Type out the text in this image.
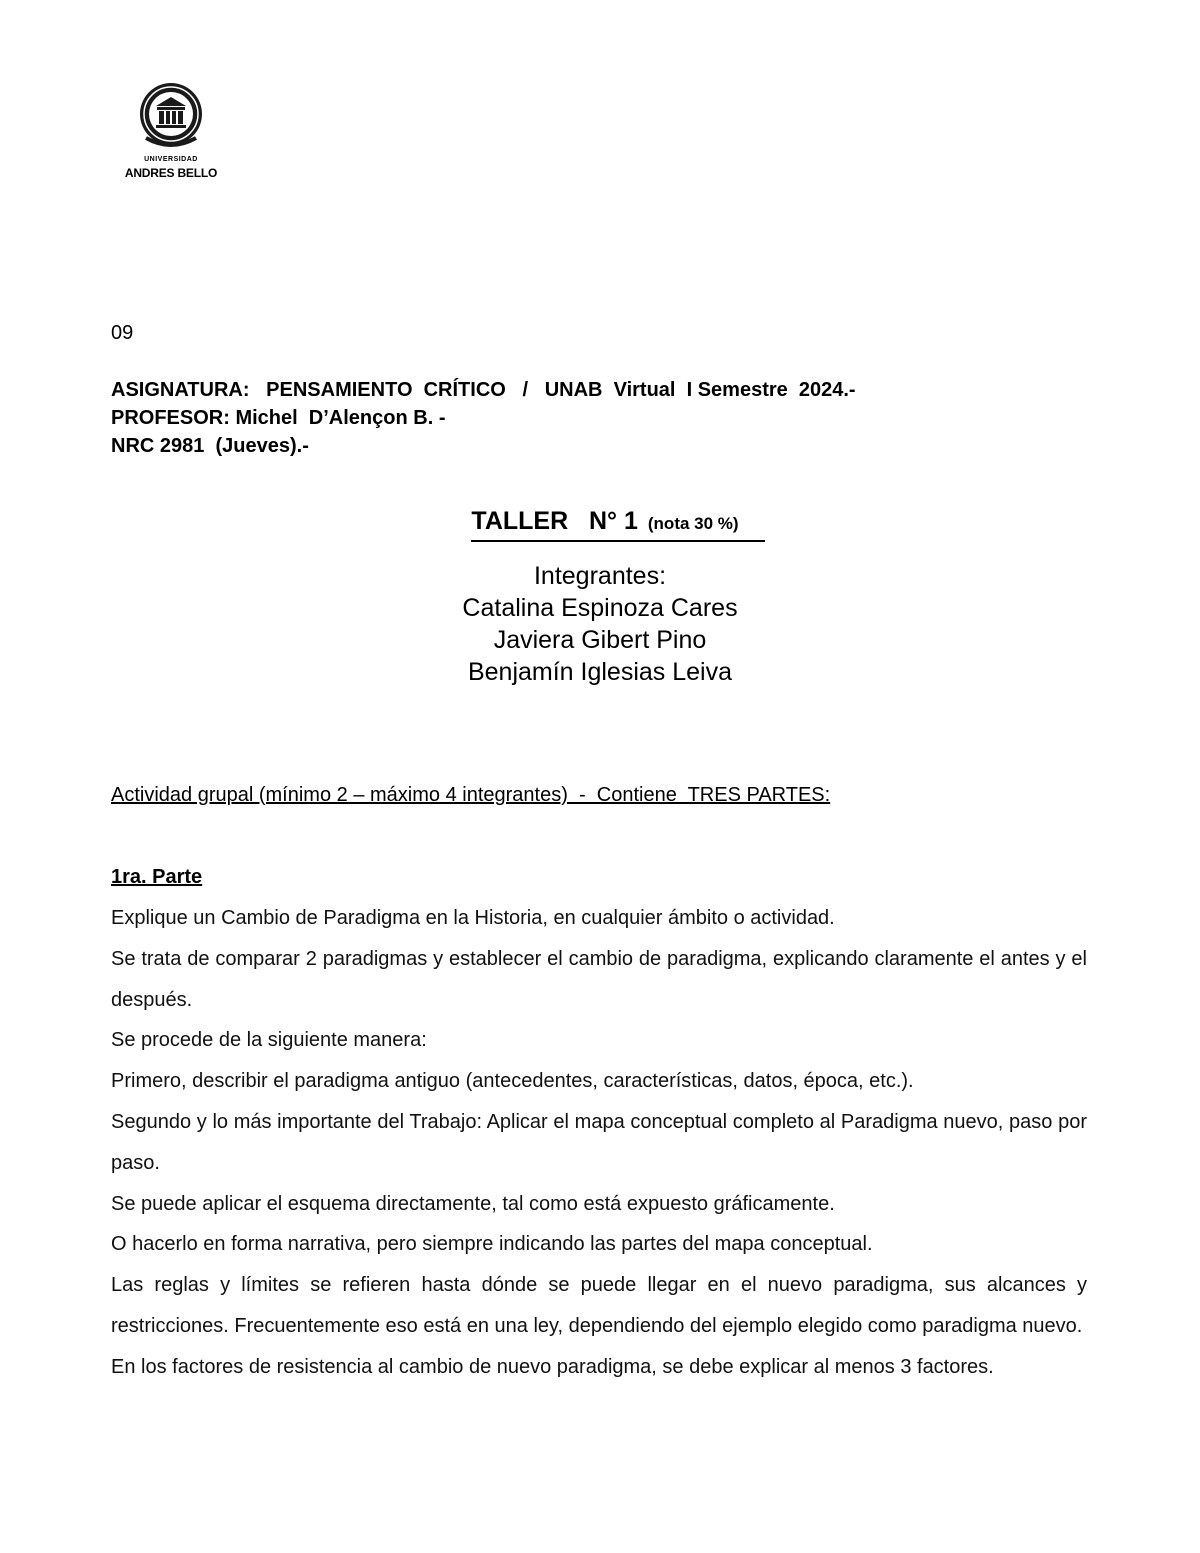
UNIVERSIDAD
ANDRES BELLO
09
ASIGNATURA:   PENSAMIENTO  CRÍTICO   /   UNAB  Virtual  I Semestre  2024.-
PROFESOR: Michel  D’Alençon B. -
NRC 2981  (Jueves).-
TALLER   N° 1 (nota 30 %)
Integrantes:
Catalina Espinoza Cares
Javiera Gibert Pino
Benjamín Iglesias Leiva
Actividad grupal (mínimo 2 – máximo 4 integrantes)  -  Contiene  TRES PARTES:
1ra. Parte

Explique un Cambio de Paradigma en la Historia, en cualquier ámbito o actividad.

Se trata de comparar 2 paradigmas y establecer el cambio de paradigma, explicando claramente el antes y el después.

Se procede de la siguiente manera:

Primero, describir el paradigma antiguo (antecedentes, características, datos, época, etc.).

Segundo y lo más importante del Trabajo: Aplicar el mapa conceptual completo al Paradigma nuevo, paso por paso.

Se puede aplicar el esquema directamente, tal como está expuesto gráficamente.

O hacerlo en forma narrativa, pero siempre indicando las partes del mapa conceptual.

Las reglas y límites se refieren hasta dónde se puede llegar en el nuevo paradigma, sus alcances y restricciones. Frecuentemente eso está en una ley, dependiendo del ejemplo elegido como paradigma nuevo.

En los factores de resistencia al cambio de nuevo paradigma, se debe explicar al menos 3 factores.
